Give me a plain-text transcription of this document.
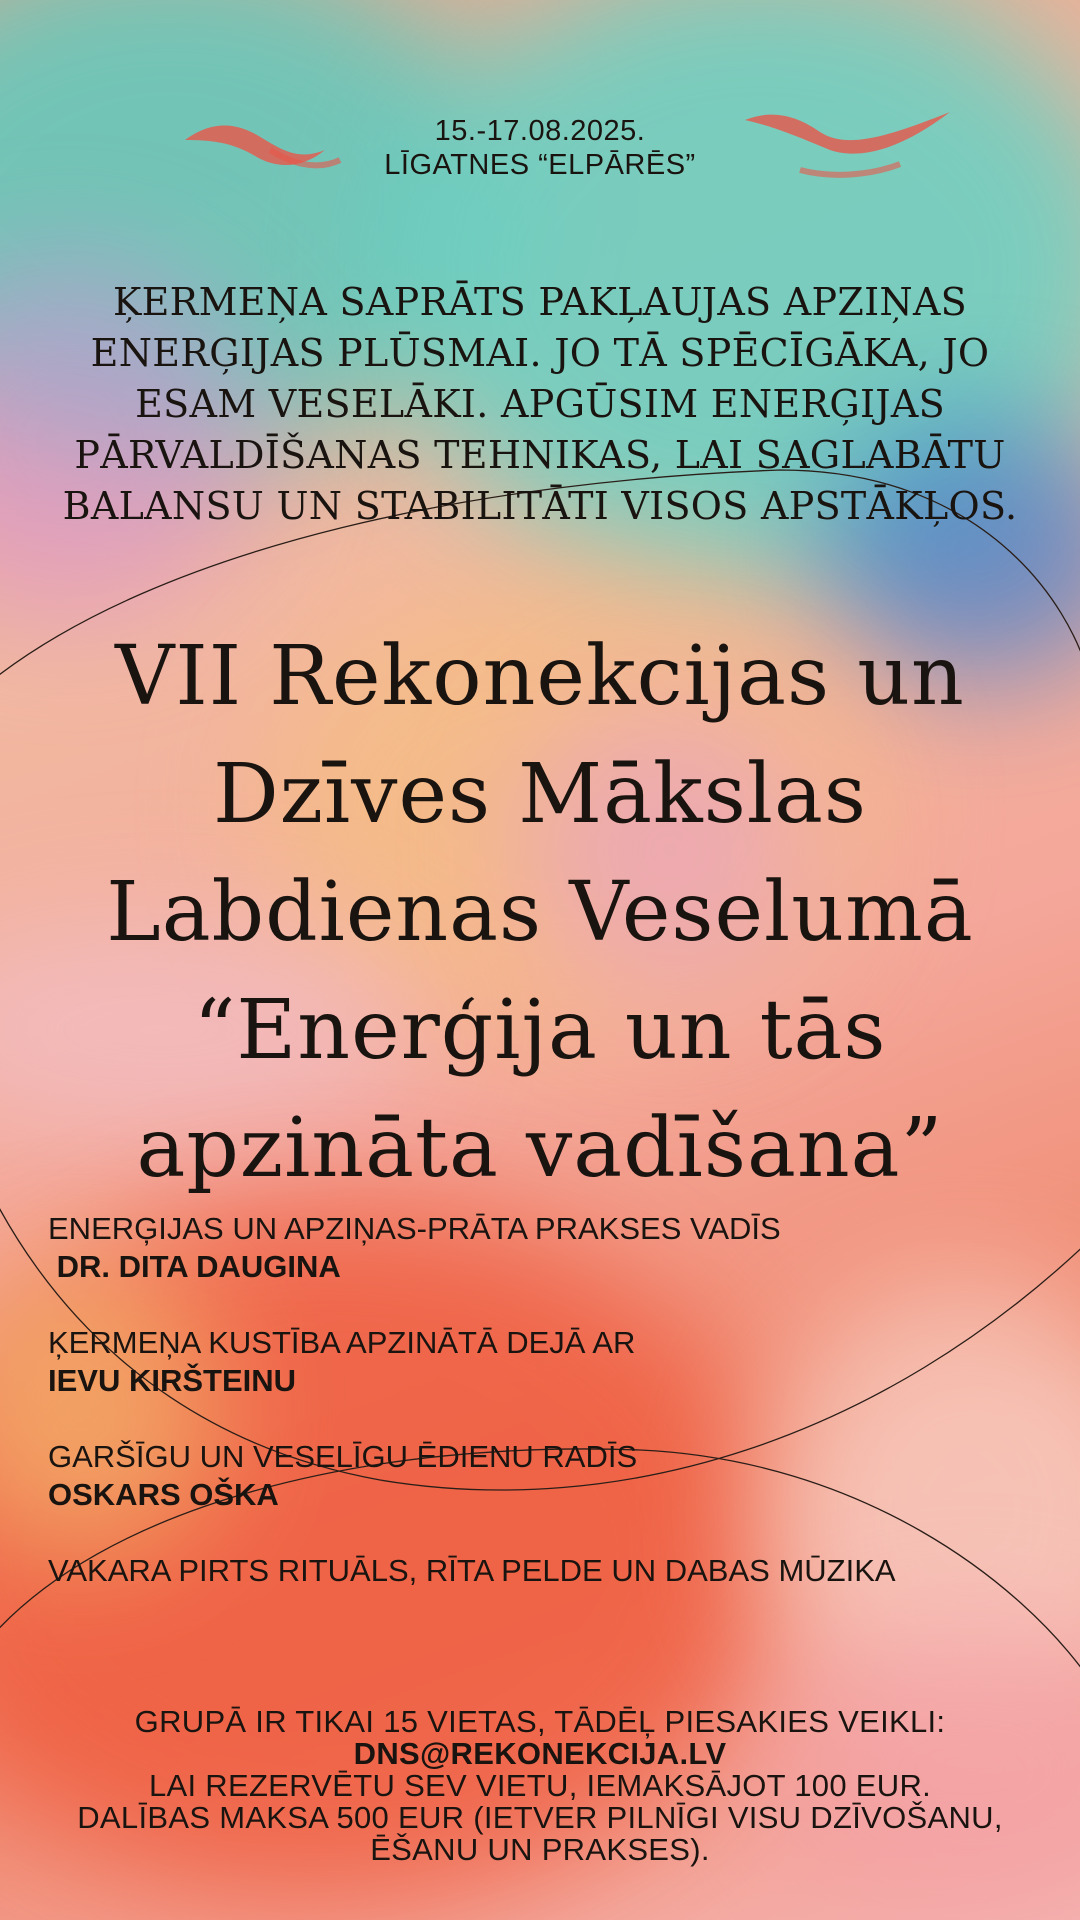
15.-17.08.2025.
LĪGATNES “ELPĀRĒS”
ĶERMEŅA SAPRĀTS PAKĻAUJAS APZIŅAS ENERĢIJAS PLŪSMAI. JO TĀ SPĒCĪGĀKA, JO ESAM VESELĀKI. APGŪSIM ENERĢIJAS PĀRVALDĪŠANAS TEHNIKAS, LAI SAGLABĀTU BALANSU UN STABILITĀTI VISOS APSTĀKĻOS.
VII Rekonekcijas un
Dzīves Mākslas
Labdienas Veselumā
“Enerģija un tās
apzināta vadīšana”
ENERĢIJAS UN APZIŅAS-PRĀTA PRAKSES VADĪS
DR. DITA DAUGINA
ĶERMEŅA KUSTĪBA APZINĀTĀ DEJĀ AR
IEVU KIRŠTEINU
GARŠĪGU UN VESELĪGU ĒDIENU RADĪS
OSKARS OŠKA
VAKARA PIRTS RITUĀLS, RĪTA PELDE UN DABAS MŪZIKA
GRUPĀ IR TIKAI 15 VIETAS, TĀDĒĻ PIESAKIES VEIKLI:
DNS@REKONEKCIJA.LV
LAI REZERVĒTU SEV VIETU, IEMAKSĀJOT 100 EUR.
DALĪBAS MAKSA 500 EUR (IETVER PILNĪGI VISU DZĪVOŠANU,
ĒŠANU UN PRAKSES).
